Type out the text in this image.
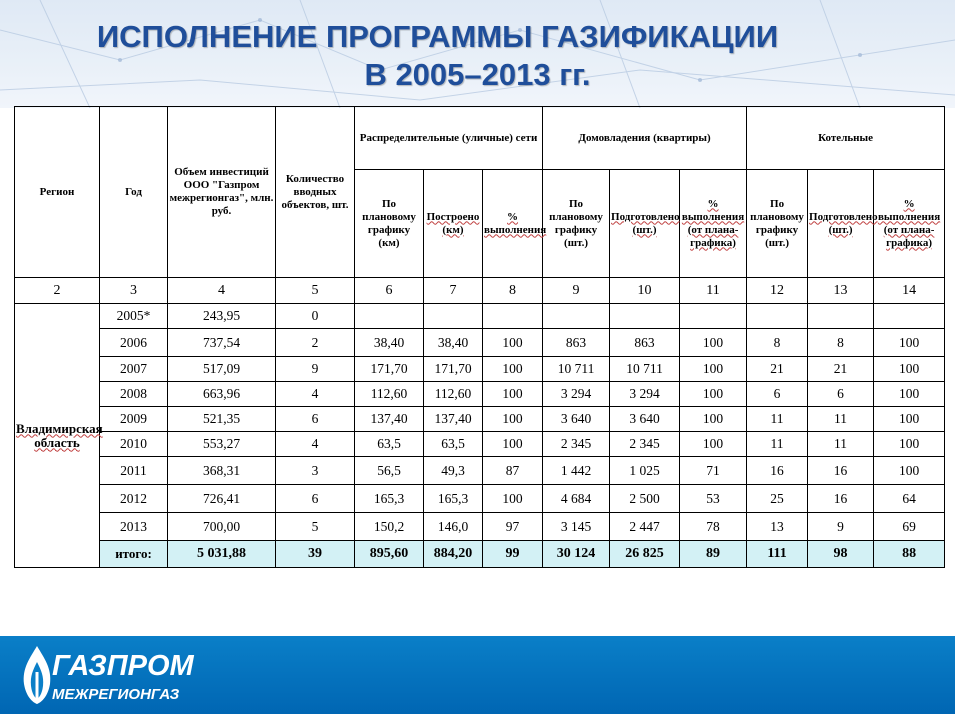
ИСПОЛНЕНИЕ ПРОГРАММЫ ГАЗИФИКАЦИИ
В 2005–2013 гг.
Регион	Год	Объем инвестиций ООО "Газпром межрегионгаз", млн. руб.	Количество вводных объектов, шт.	Распределительные (уличные) сети			Домовладения (квартиры)			Котельные		
				По плановому графику (км)	Построено (км)	% выполнения	По плановому графику (шт.)	Подготовлено (шт.)	% выполнения (от плана-графика)	По плановому графику (шт.)	Подготовлено (шт.)	% выполнения (от плана-графика)
2	3	4	5	6	7	8	9	10	11	12	13	14
Владимирская область	2005*	243,95	0									
	2006	737,54	2	38,40	38,40	100	863	863	100	8	8	100
	2007	517,09	9	171,70	171,70	100	10 711	10 711	100	21	21	100
	2008	663,96	4	112,60	112,60	100	3 294	3 294	100	6	6	100
	2009	521,35	6	137,40	137,40	100	3 640	3 640	100	11	11	100
	2010	553,27	4	63,5	63,5	100	2 345	2 345	100	11	11	100
	2011	368,31	3	56,5	49,3	87	1 442	1 025	71	16	16	100
	2012	726,41	6	165,3	165,3	100	4 684	2 500	53	25	16	64
	2013	700,00	5	150,2	146,0	97	3 145	2 447	78	13	9	69
	итого:	5 031,88	39	895,60	884,20	99	30 124	26 825	89	111	98	88
ГАЗПРОМ
МЕЖРЕГИОНГАЗ
